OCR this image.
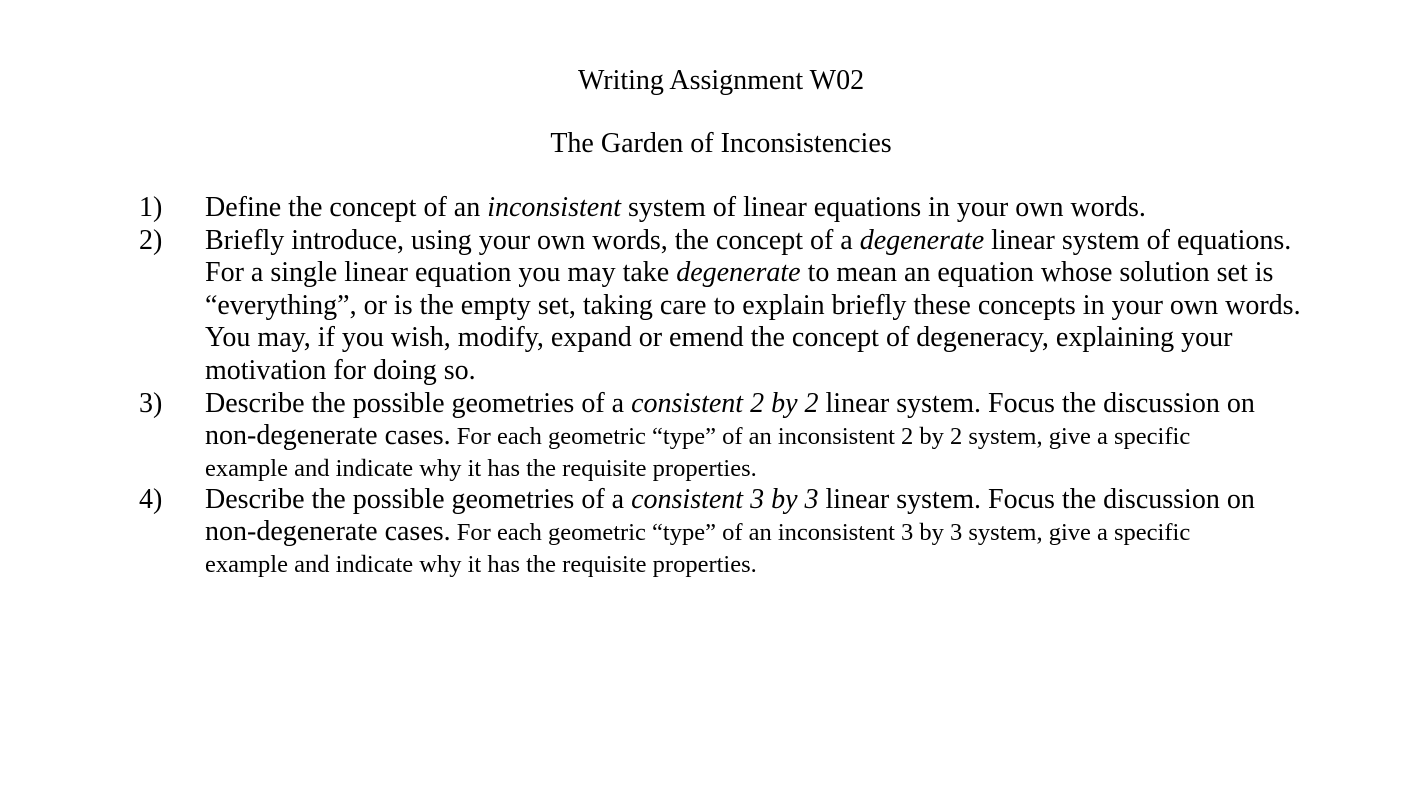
Writing Assignment W02
The Garden of Inconsistencies
1) Define the concept of an inconsistent system of linear equations in your own words.
2) Briefly introduce, using your own words, the concept of a degenerate linear system of equations.
For a single linear equation you may take degenerate to mean an equation whose solution set is
“everything”, or is the empty set, taking care to explain briefly these concepts in your own words.
You may, if you wish, modify, expand or emend the concept of degeneracy, explaining your
motivation for doing so.
3) Describe the possible geometries of a consistent 2 by 2 linear system. Focus the discussion on
non-degenerate cases. For each geometric “type” of an inconsistent 2 by 2 system, give a specific
example and indicate why it has the requisite properties.
4) Describe the possible geometries of a consistent 3 by 3 linear system. Focus the discussion on
non-degenerate cases. For each geometric “type” of an inconsistent 3 by 3 system, give a specific
example and indicate why it has the requisite properties.
